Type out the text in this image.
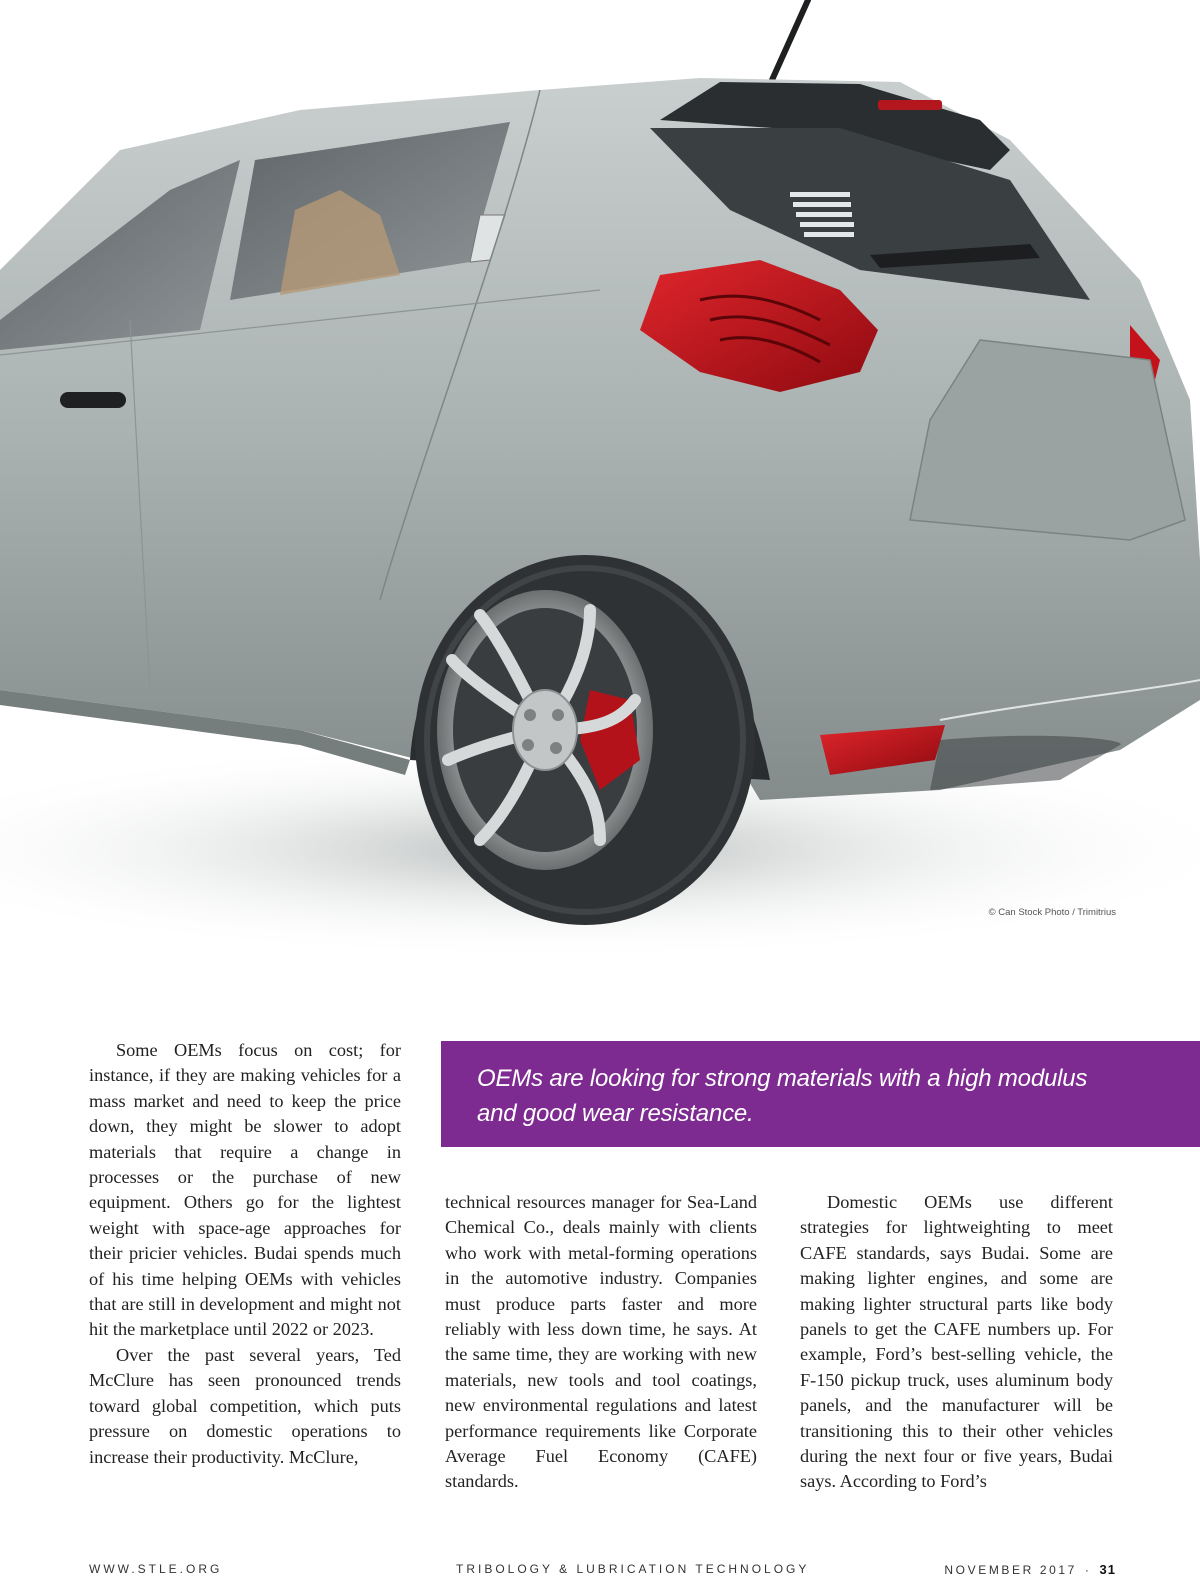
© Can Stock Photo / Trimitrius

Some OEMs focus on cost; for instance, if they are making vehicles for a mass market and need to keep the price down, they might be slower to adopt materials that require a change in processes or the purchase of new equipment. Others go for the lightest weight with space-age approaches for their pricier vehicles. Budai spends much of his time helping OEMs with vehicles that are still in development and might not hit the marketplace until 2022 or 2023.

Over the past several years, Ted McClure has seen pronounced trends toward global competition, which puts pressure on domestic operations to increase their productivity. McClure,

OEMs are looking for strong materials with a high modulus and good wear resistance.

technical resources manager for Sea-Land Chemical Co., deals mainly with clients who work with metal-forming operations in the automotive industry. Companies must produce parts faster and more reliably with less down time, he says. At the same time, they are working with new materials, new tools and tool coatings, new environmental regulations and latest performance requirements like Corporate Average Fuel Economy (CAFE) standards.

Domestic OEMs use different strategies for lightweighting to meet CAFE standards, says Budai. Some are making lighter engines, and some are making lighter structural parts like body panels to get the CAFE numbers up. For example, Ford’s best-selling vehicle, the F-150 pickup truck, uses aluminum body panels, and the manufacturer will be transitioning this to their other vehicles during the next four or five years, Budai says. According to Ford’s

WWW.STLE.ORG	TRIBOLOGY & LUBRICATION TECHNOLOGY	NOVEMBER 2017 · 31
